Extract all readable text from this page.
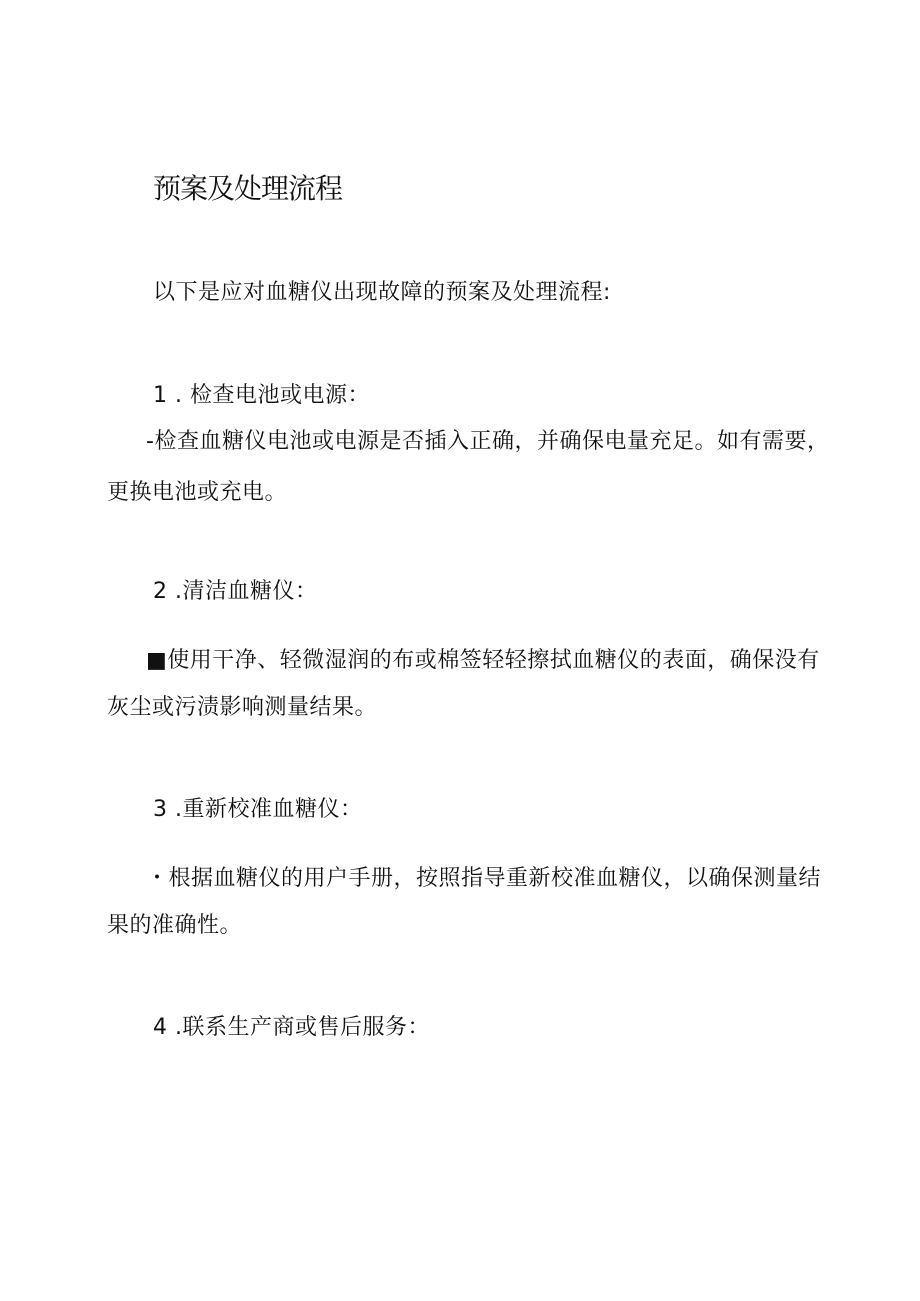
预案及处理流程
以下是应对血糖仪出现故障的预案及处理流程:
1 . 检查电池或电源：
-检查血糖仪电池或电源是否插入正确，并确保电量充足。如有需要，
更换电池或充电。
2 .清洁血糖仪：
■使用干净、轻微湿润的布或棉签轻轻擦拭血糖仪的表面，确保没有
灰尘或污渍影响测量结果。
3 .重新校准血糖仪：
・根据血糖仪的用户手册，按照指导重新校准血糖仪，以确保测量结
果的准确性。
4 .联系生产商或售后服务：
